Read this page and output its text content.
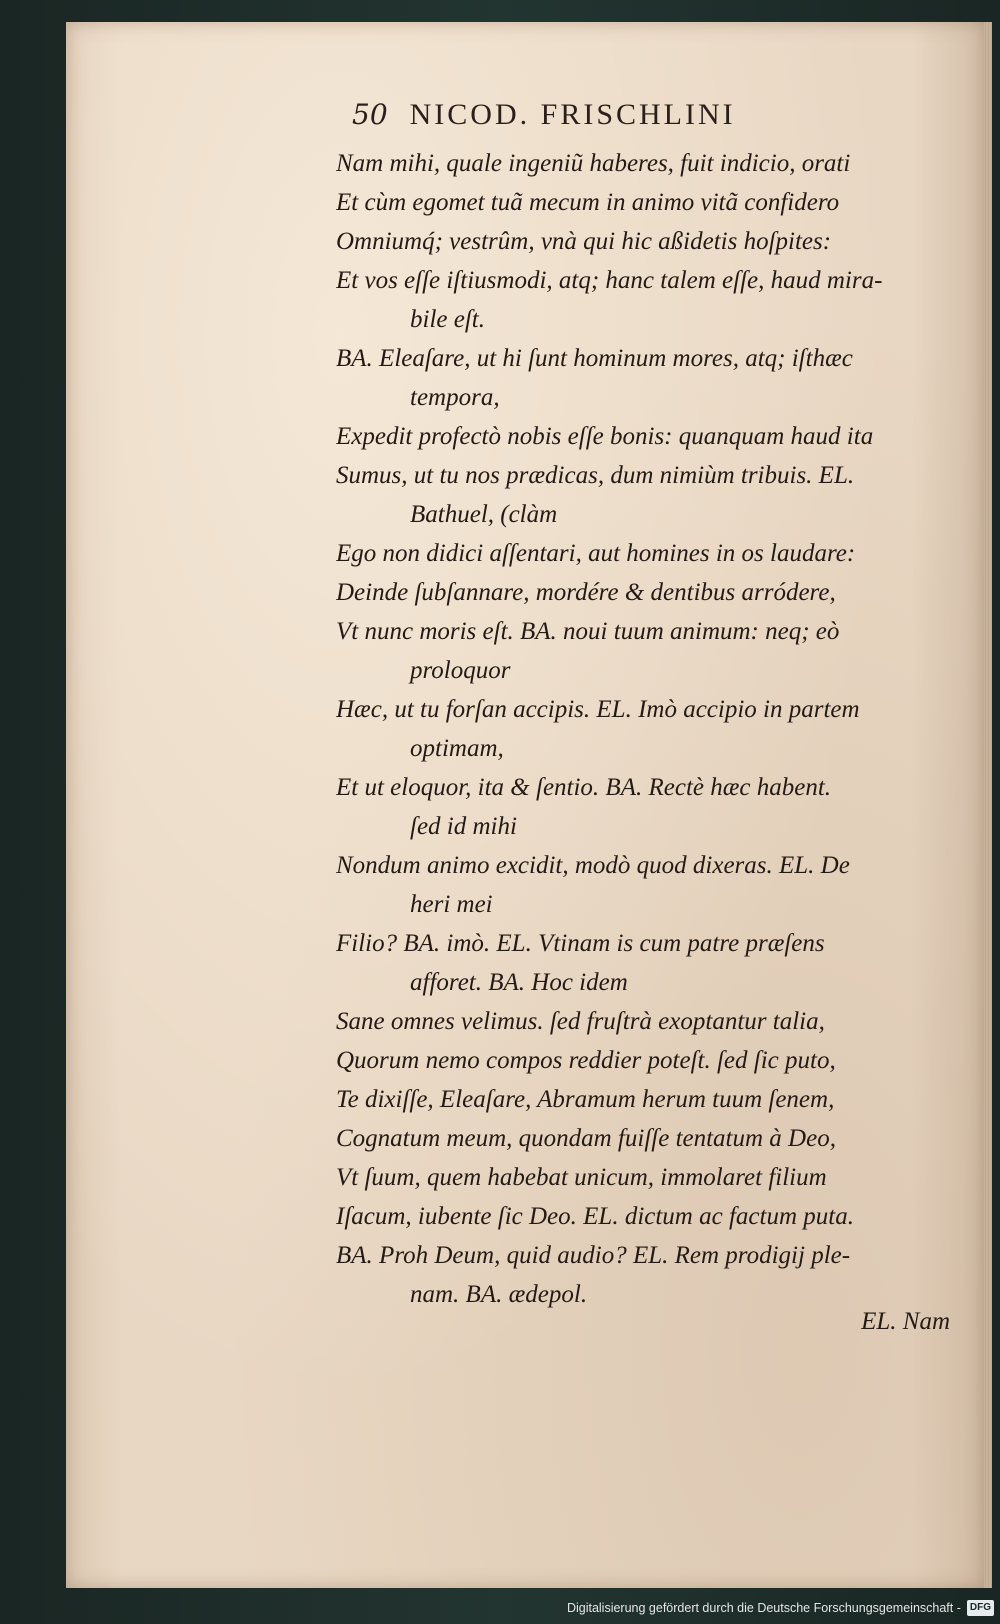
50 NICOD. FRISCHLINI
Nam mihi, quale ingeniũ haberes, fuit indicio, orati
Et cùm egomet tuã mecum in animo vitã confidero
Omniumq́; vestrûm, vnà qui hic aßidetis hoſpites:
Et vos eſſe iſtiusmodi, atq; hanc talem eſſe, haud mira-
bile eſt.
BA. Eleaſare, ut hi ſunt hominum mores, atq; iſthæc
tempora,
Expedit profectò nobis eſſe bonis: quanquam haud ita
Sumus, ut tu nos prædicas, dum nimiùm tribuis. EL.
Bathuel, (clàm
Ego non didici aſſentari, aut homines in os laudare:
Deinde ſubſannare, mordére & dentibus arródere,
Vt nunc moris eſt. BA. noui tuum animum: neq; eò
proloquor
Hæc, ut tu forſan accipis. EL. Imò accipio in partem
optimam,
Et ut eloquor, ita & ſentio. BA. Rectè hæc habent.
ſed id mihi
Nondum animo excidit, modò quod dixeras. EL. De
heri mei
Filio? BA. imò. EL. Vtinam is cum patre præſens
afforet. BA. Hoc idem
Sane omnes velimus. ſed fruſtrà exoptantur talia,
Quorum nemo compos reddier poteſt. ſed ſic puto,
Te dixiſſe, Eleaſare, Abramum herum tuum ſenem,
Cognatum meum, quondam fuiſſe tentatum à Deo,
Vt ſuum, quem habebat unicum, immolaret filium
Iſacum, iubente ſic Deo. EL. dictum ac factum puta.
BA. Proh Deum, quid audio? EL. Rem prodigij ple-
nam. BA. ædepol.
EL. Nam
Digitalisierung gefördert durch die Deutsche Forschungsgemeinschaft - DFG
